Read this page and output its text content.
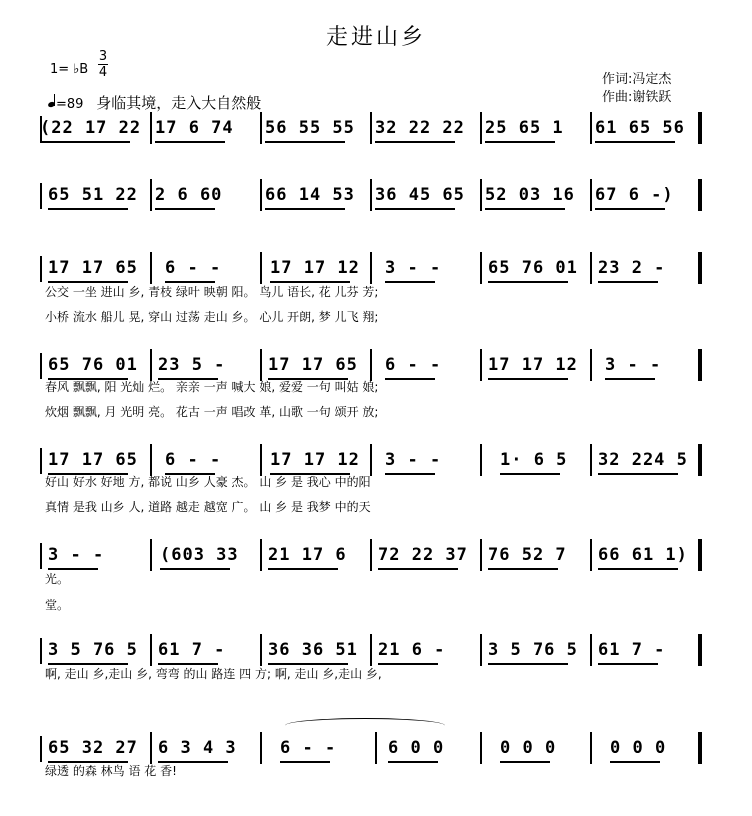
走进山乡
1= ♭B
3
4
=89 身临其境，走入大自然般
作词:冯定杰
作曲:谢铁跃
(22 17 22 17 6 74 56 55 55 32 22 22 25 65 1 61 65 56
65 51 22 2 6 60	66 14 53 36 45 65 52 03 16 67 6 -)
17 17 65 6 - -	17 17 12 3 - -	65 76 01 23 2 -
65 76 01 23 5 -	17 17 65 6 - -	17 17 12 3 - -
17 17 65 6 - -	17 17 12 3 - -	1· 6 5 32 224 5
3 - -	(603 33 21 17 6 72 22 37 76 52 7 66 61 1)
3 5 76 5 61 7 -	36 36 51 21 6 -	3 5 76 5 61 7 -
65 32 27 6 3 4 3	6 - -	6 0 0	0 0 0	0 0 0
公交 一坐 进山 乡, 青枝 绿叶 映朝 阳。 鸟儿 语长, 花 儿芬 芳;
小桥 流水 船儿 晃, 穿山 过荡 走山 乡。 心儿 开朗, 梦 儿飞 翔;
春风 飘飘, 阳 光灿 烂。 亲亲 一声 喊大 娘, 爱爱 一句 叫姑 娘;
炊烟 飘飘, 月 光明 亮。 花古 一声 唱改 革, 山歌 一句 颂开 放;
好山 好水 好地 方, 都说 山乡 人豪 杰。 山 乡 是 我心 中的阳
真情 是我 山乡 人, 道路 越走 越宽 广。 山 乡 是 我梦 中的天
光。
堂。
啊, 走山 乡,走山 乡, 弯弯 的山 路连 四 方; 啊, 走山 乡,走山 乡,
绿透 的森 林鸟 语 花 香!
